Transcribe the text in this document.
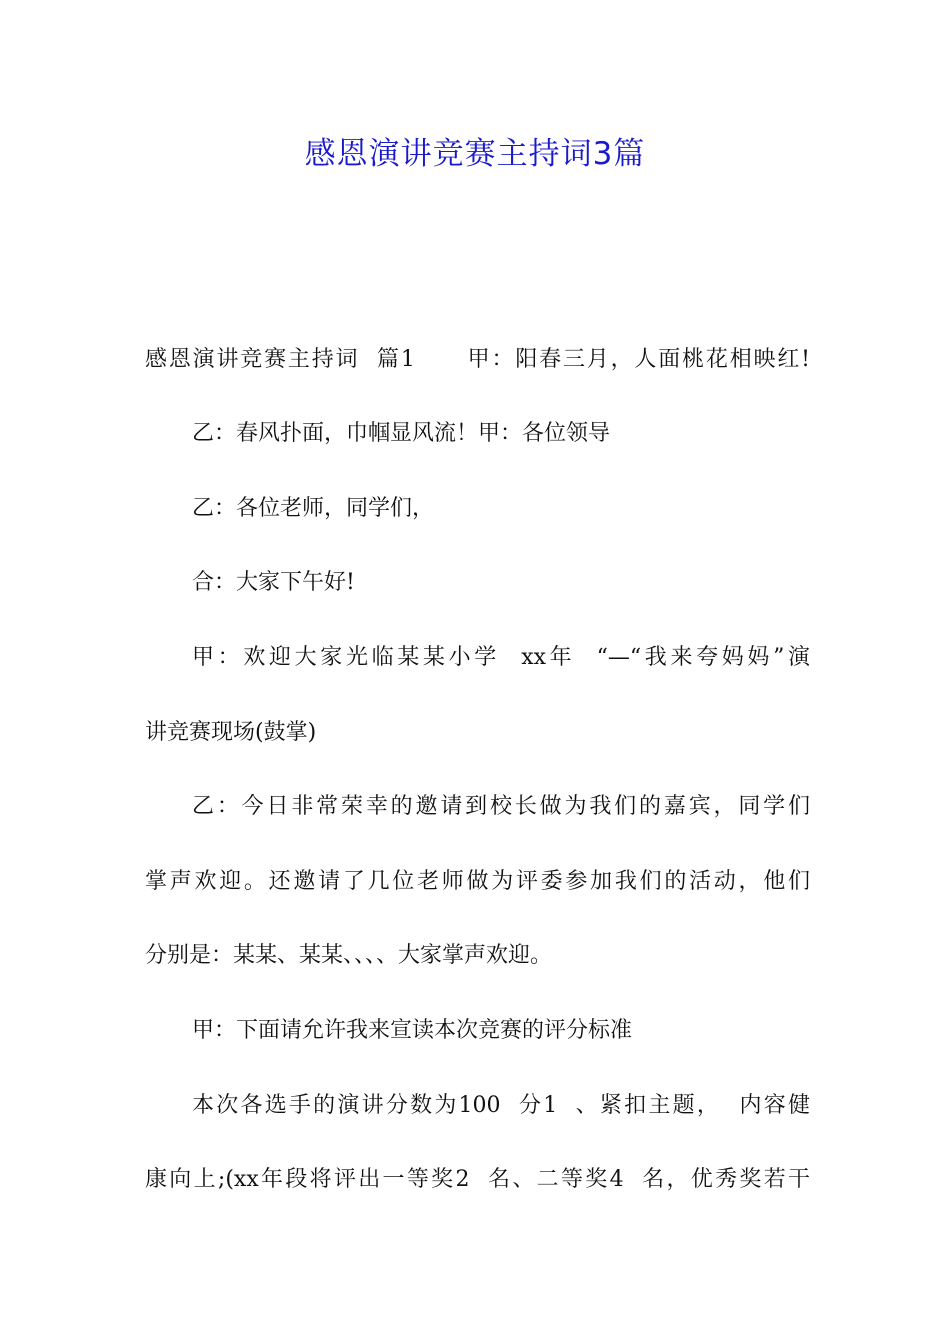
感恩演讲竞赛主持词3篇

感恩演讲竞赛主持词  篇1      甲：阳春三月，人面桃花相映红!

乙：春风扑面，巾帼显风流！甲：各位领导

乙：各位老师，同学们，

合：大家下午好!

甲：欢迎大家光临某某小学  xx年  “—“我来夸妈妈”演

讲竞赛现场(鼓掌)

乙：今日非常荣幸的邀请到校长做为我们的嘉宾，同学们

掌声欢迎。还邀请了几位老师做为评委参加我们的活动，他们

分别是：某某、某某、、、、大家掌声欢迎。

甲：下面请允许我来宣读本次竞赛的评分标准

本次各选手的演讲分数为100  分1  、紧扣主题，  内容健

康向上;(xx年段将评出一等奖2  名、二等奖4  名，优秀奖若干
